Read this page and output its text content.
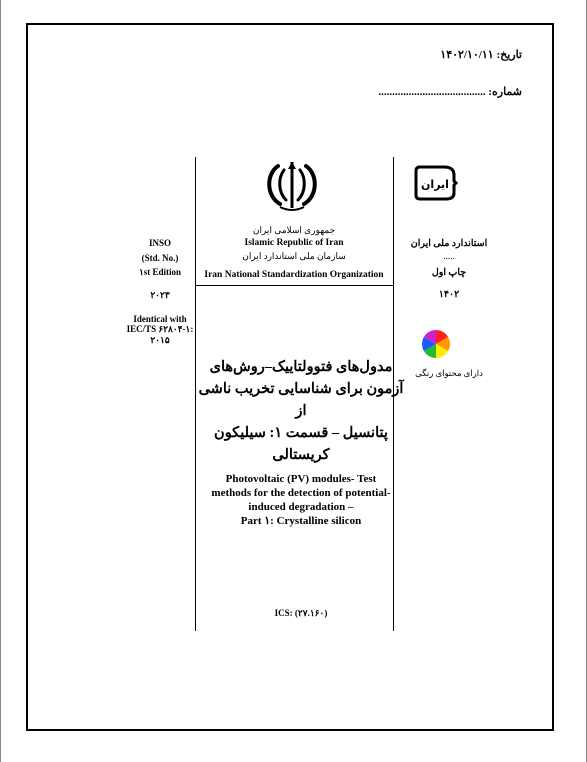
تاریخ: ۱۴۰۲/۱۰/۱۱
شماره: .......................................
جمهوری اسلامی ایران
Islamic Republic of Iran
سازمان ملی استاندارد ایران
Iran National Standardization Organization
INSO
(Std. No.)
۱st Edition
۲۰۲۳
Identical with
IEC/TS ۶۲۸۰۴-۱:
۲۰۱۵
ایران
استاندارد ملی ایران
.....
چاپ اول
۱۴۰۲
دارای محتوای رنگی
مدول‌های فتوولتاییک–روش‌های
آزمون برای شناسایی تخریب ناشی از
پتانسیل – قسمت ۱: سیلیکون
کریستالی
Photovoltaic (PV) modules- Test
methods for the detection of potential-
induced degradation –
Part ۱: Crystalline silicon
ICS: (۲۷.۱۶۰)
